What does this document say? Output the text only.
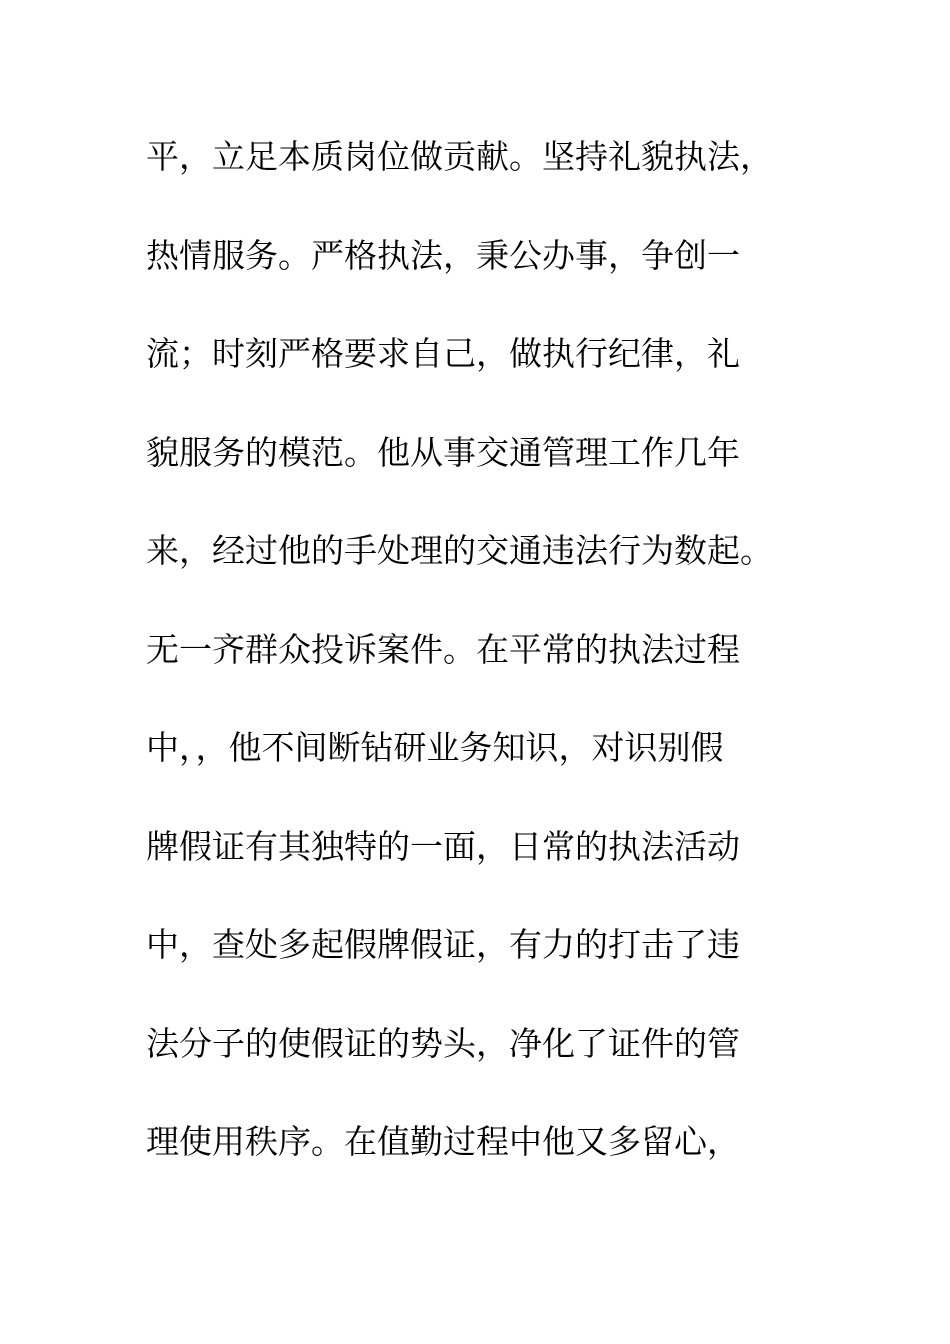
平，立足本质岗位做贡献。坚持礼貌执法，
热情服务。严格执法，秉公办事，争创一
流；时刻严格要求自己，做执行纪律，礼
貌服务的模范。他从事交通管理工作几年
来，经过他的手处理的交通违法行为数起。
无一齐群众投诉案件。在平常的执法过程
中，，他不间断钻研业务知识，对识别假
牌假证有其独特的一面，日常的执法活动
中，查处多起假牌假证，有力的打击了违
法分子的使假证的势头，净化了证件的管
理使用秩序。在值勤过程中他又多留心，
